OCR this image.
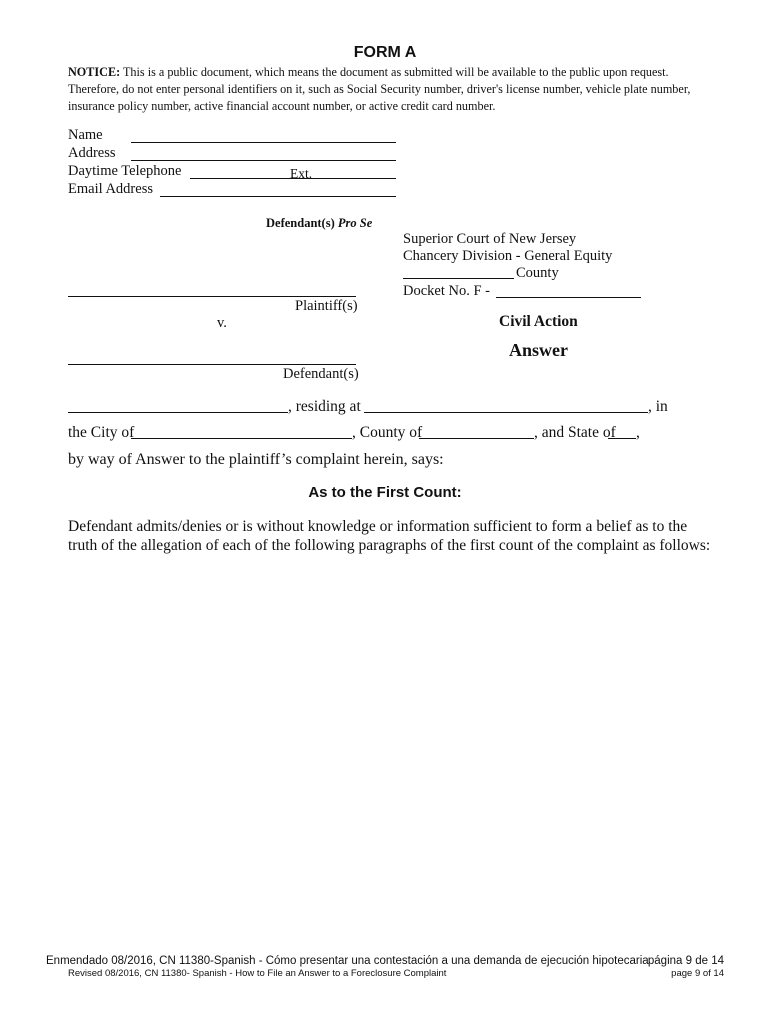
FORM A
NOTICE: This is a public document, which means the document as submitted will be available to the public upon request. Therefore, do not enter personal identifiers on it, such as Social Security number, driver's license number, vehicle plate number, insurance policy number, active financial account number, or active credit card number.
Name
Address
Daytime Telephone	Ext.
Email Address
Defendant(s) Pro Se
Superior Court of New Jersey
Chancery Division - General Equity
County
Docket No. F -
Plaintiff(s)
v.
Defendant(s)
Civil Action
Answer
, residing at	, in
the City of	, County of	, and State of ,
by way of Answer to the plaintiff’s complaint herein, says:
As to the First Count:
Defendant admits/denies or is without knowledge or information sufficient to form a belief as to the truth of the allegation of each of the following paragraphs of the first count of the complaint as follows:
Enmendado 08/2016, CN 11380-Spanish - Cómo presentar una contestación a una demanda de ejecución hipotecaria
Revised 08/2016, CN 11380- Spanish - How to File an Answer to a Foreclosure Complaint
página 9 de 14
page 9 of 14
